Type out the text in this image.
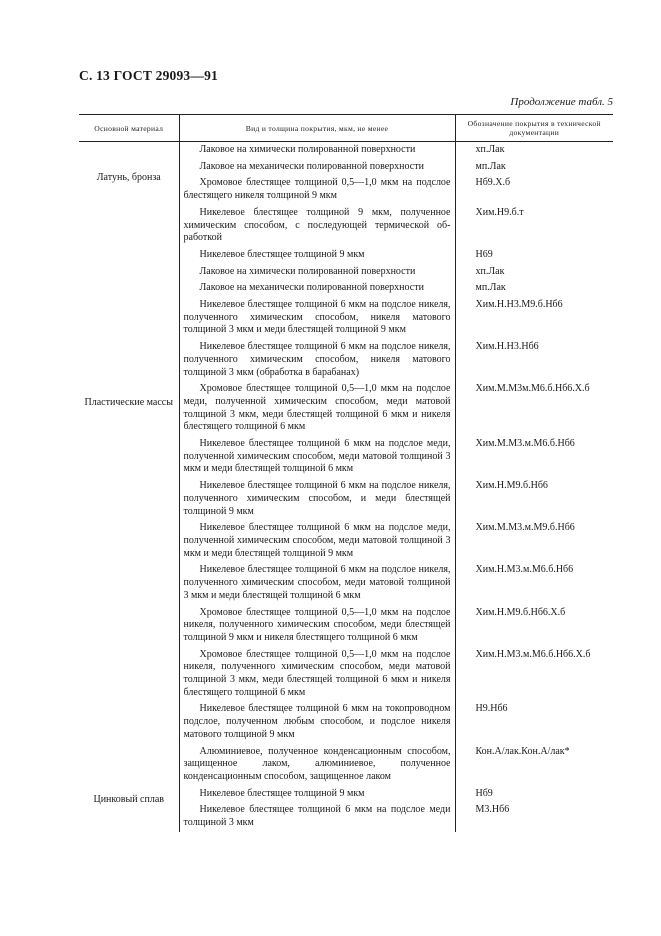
С. 13 ГОСТ 29093—91
Продолжение табл. 5
Основной материал	Вид и толщина покрытия, мкм, не менее	Обозначение покрытия в технической документации

Латунь, бронза	Лаковое на химически полированной поверхности	хп.Лак
	Лаковое на механически полированной поверхности	мп.Лак
	Хромовое блестящее толщиной 0,5—1,0 мкм на подслое блестящего никеля толщиной 9 мкм	Нб9.Х.б
	Никелевое блестящее толщиной 9 мкм, полученное химическим способом, с последующей термической обработкой	Хим.Н9.б.т

Пластические массы	Никелевое блестящее толщиной 9 мкм	Н69
	Лаковое на химически полированной поверхности	хп.Лак
	Лаковое на механически полированной поверхности	мп.Лак
	Никелевое блестящее толщиной 6 мкм на подслое никеля, полученного химическим способом, никеля матового толщиной 3 мкм и меди блестящей толщиной 9 мкм	Хим.Н.Н3.М9.б.Нб6
	Никелевое блестящее толщиной 6 мкм на подслое никеля, полученного химическим способом, никеля матового толщиной 3 мкм (обработка в барабанах)	Хим.Н.Н3.Нб6
	Хромовое блестящее толщиной 0,5—1,0 мкм на подслое меди, полученной химическим способом, меди матовой толщиной 3 мкм, меди блестящей толщиной 6 мкм и никеля блестящего толщиной 6 мкм	Хим.М.М3м.М6.б.Нб6.Х.б
	Никелевое блестящее толщиной 6 мкм на подслое меди, полученной химическим способом, меди матовой толщиной 3 мкм и меди блестящей толщиной 6 мкм	Хим.М.М3.м.М6.б.Нб6
	Никелевое блестящее толщиной 6 мкм на подслое никеля, полученного химическим способом, и меди блестящей толщиной 9 мкм	Хим.Н.М9.б.Нб6
	Никелевое блестящее толщиной 6 мкм на подслое меди, полученной химическим способом, меди матовой толщиной 3 мкм и меди блестящей толщиной 9 мкм	Хим.М.М3.м.М9.б.Нб6
	Никелевое блестящее толщиной 6 мкм на подслое никеля, полученного химическим способом, меди матовой толщиной 3 мкм и меди блестящей толщиной 6 мкм	Хим.Н.М3.м.М6.б.Нб6
	Хромовое блестящее толщиной 0,5—1,0 мкм на подслое никеля, полученного химическим способом, меди блестящей толщиной 9 мкм и никеля блестящего толщиной 6 мкм	Хим.Н.М9.б.Нб6.Х.б
	Хромовое блестящее толщиной 0,5—1,0 мкм на подслое никеля, полученного химическим способом, меди матовой толщиной 3 мкм, меди блестящей толщиной 6 мкм и никеля блестящего толщиной 6 мкм	Хим.Н.М3.м.М6.б.Нб6.Х.б
	Никелевое блестящее толщиной 6 мкм на токопроводном подслое, полученном любым способом, и подслое никеля матового толщиной 9 мкм	Н9.Нб6
	Алюминиевое, полученное конденсационным способом, защищенное лаком, алюминиевое, полученное конденсационным способом, защищенное лаком	Кон.А/лак.Кон.А/лак*

Цинковый сплав	Никелевое блестящее толщиной 9 мкм	Нб9
	Никелевое блестящее толщиной 6 мкм на подслое меди толщиной 3 мкм	М3.Нб6
